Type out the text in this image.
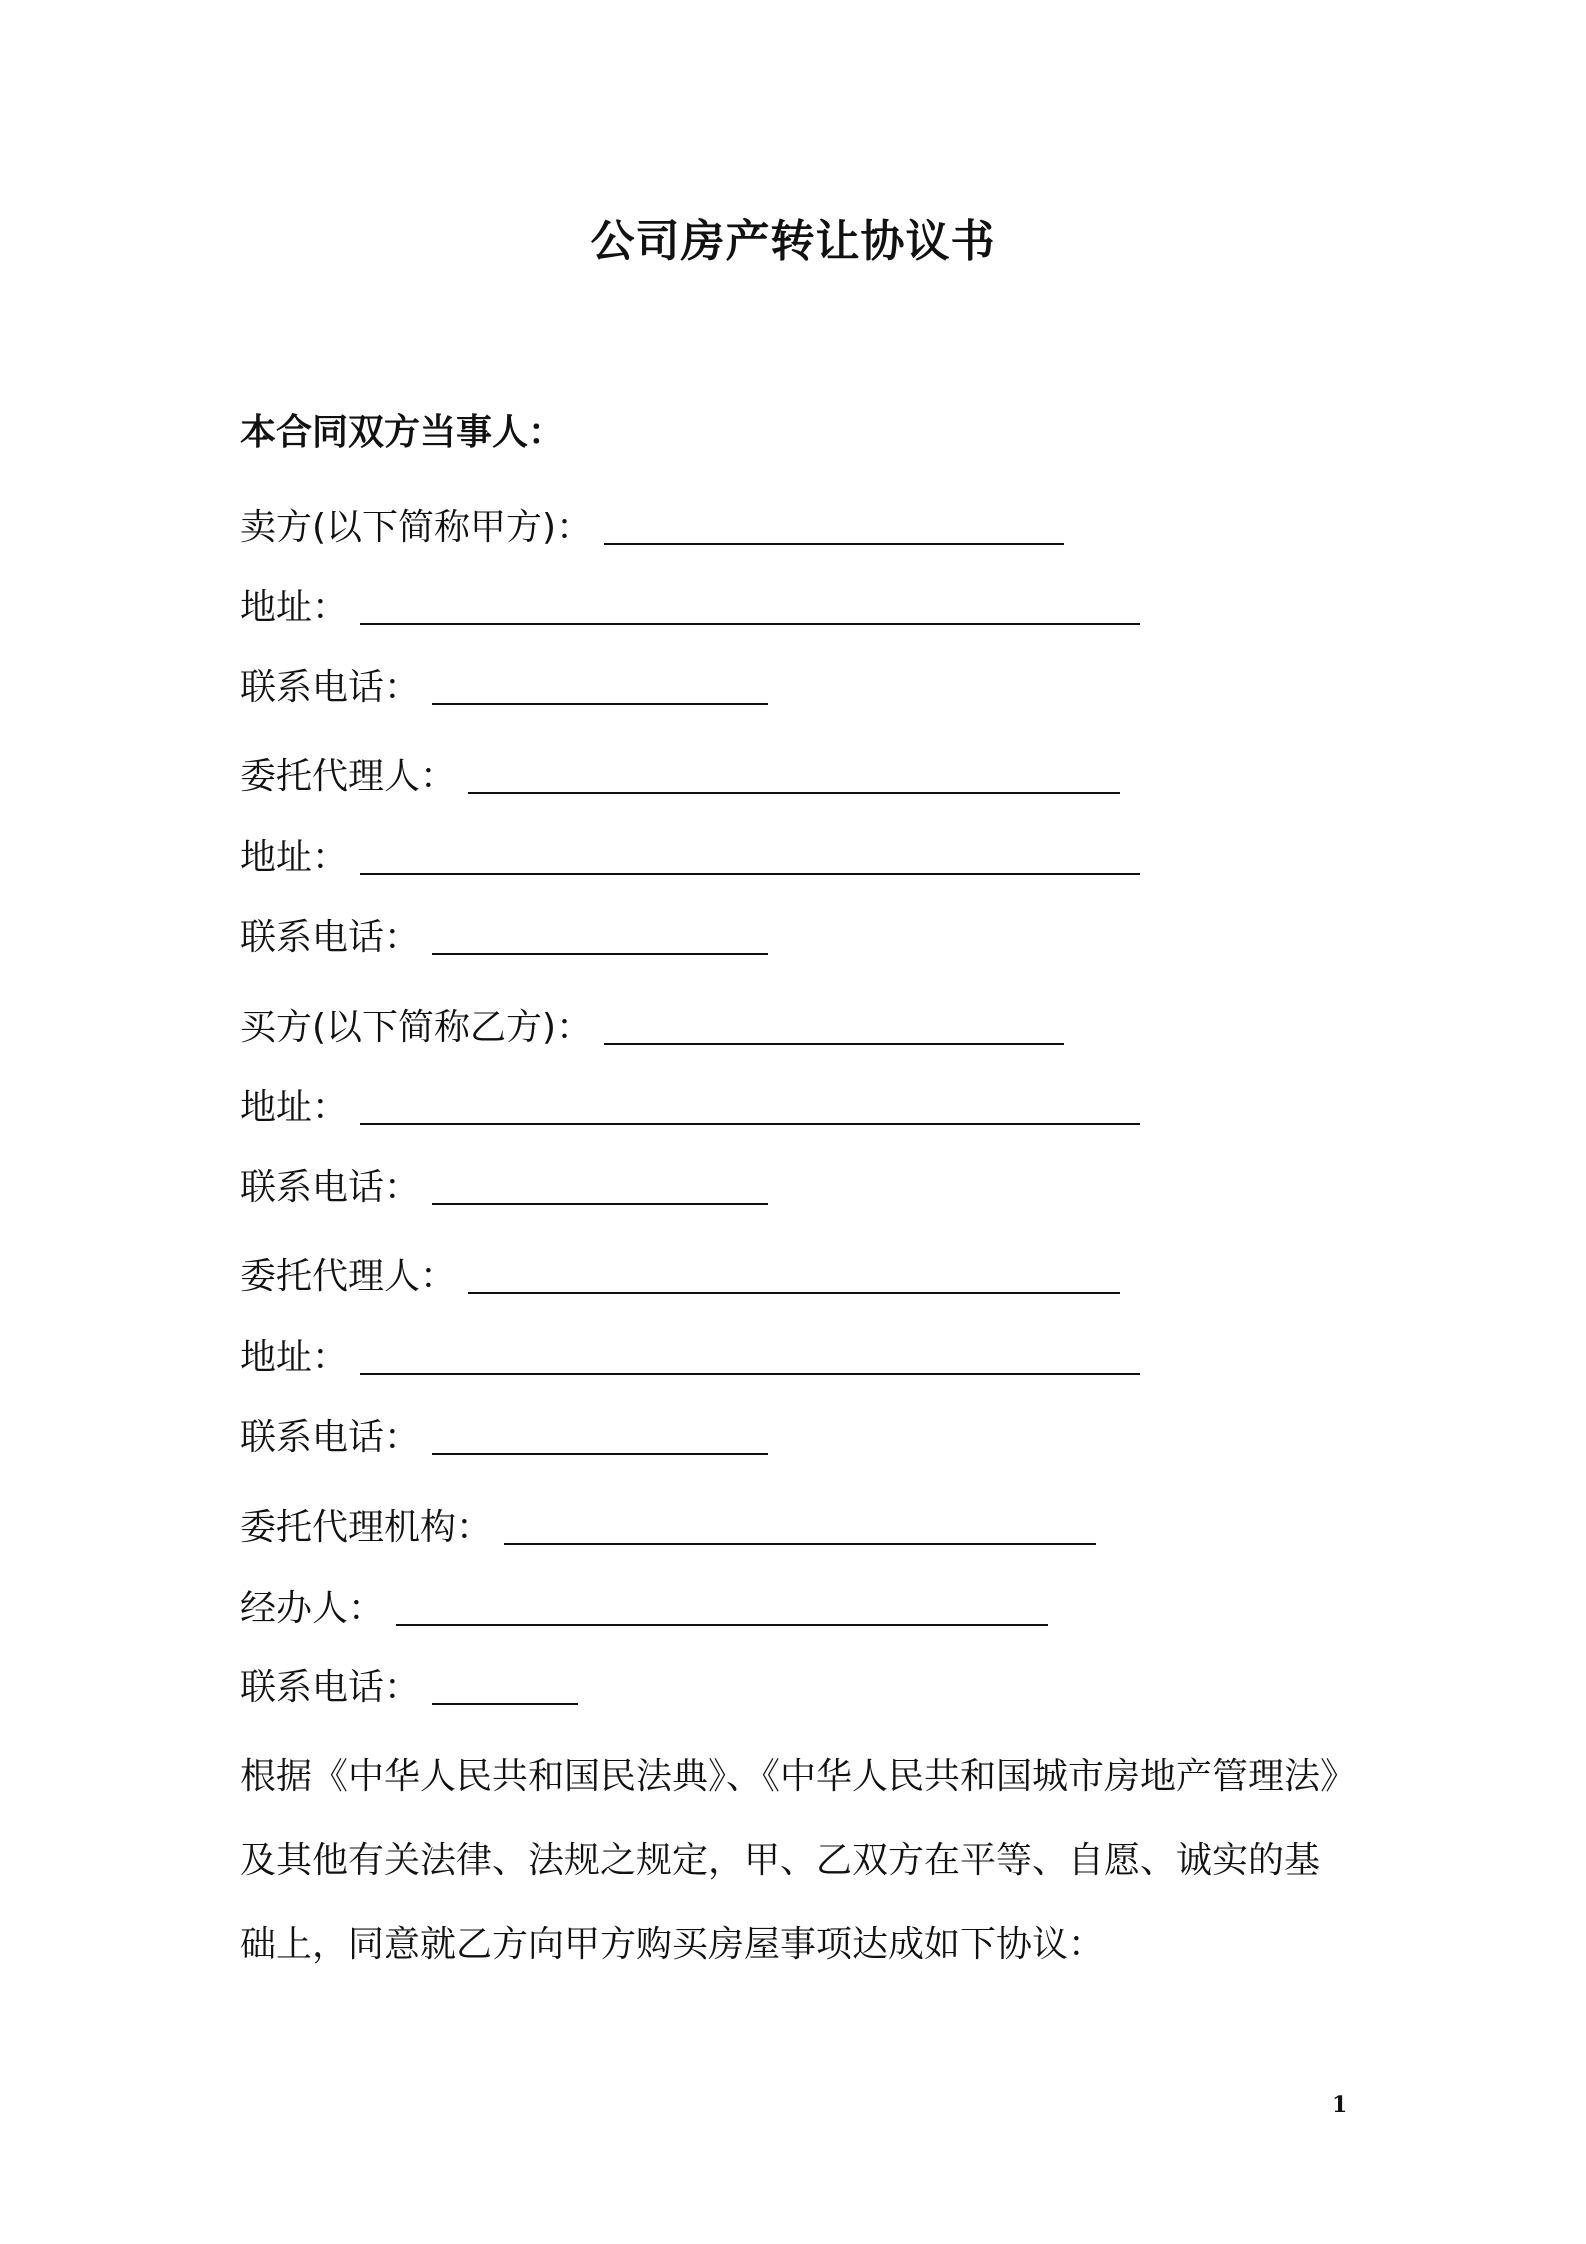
公司房产转让协议书
本合同双方当事人：
卖方(以下简称甲方)：
地址：
联系电话：
委托代理人：
地址：
联系电话：
买方(以下简称乙方)：
地址：
联系电话：
委托代理人：
地址：
联系电话：
委托代理机构：
经办人：
联系电话：
根据《中华人民共和国民法典》、《中华人民共和国城市房地产管理法》
及其他有关法律、法规之规定，甲、乙双方在平等、自愿、诚实的基
础上，同意就乙方向甲方购买房屋事项达成如下协议：
1
